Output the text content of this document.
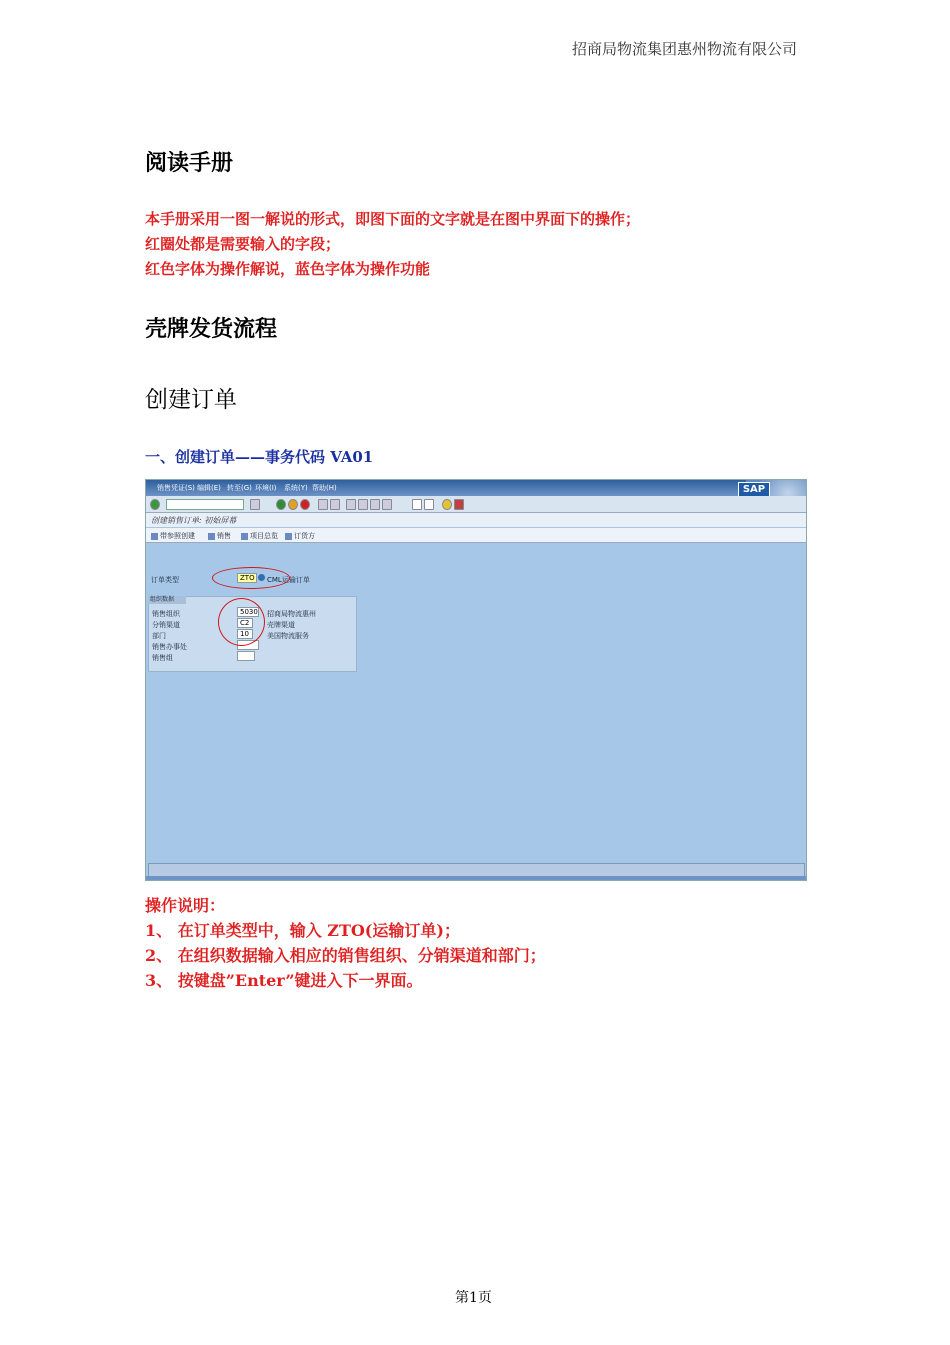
招商局物流集团惠州物流有限公司
阅读手册
本手册采用一图一解说的形式，即图下面的文字就是在图中界面下的操作；
红圈处都是需要输入的字段；
红色字体为操作解说，蓝色字体为操作功能
壳牌发货流程
创建订单
一、创建订单——事务代码 VA01
销售凭证(S) 编辑(E) 转至(G) 环境(I) 系统(Y) 帮助(H)	SAP
创建销售订单: 初始屏幕
带参照创建	销售	项目总览	订货方
订单类型	ZTO	CML运输订单
组织数据
销售组织	5030 招商局物流惠州
分销渠道	C2	壳牌渠道
部门	10	美国物流服务
销售办事处
销售组
操作说明：
1、 在订单类型中，输入 ZTO(运输订单)；
2、 在组织数据输入相应的销售组织、分销渠道和部门；
3、 按键盘”Enter”键进入下一界面。
第1页
